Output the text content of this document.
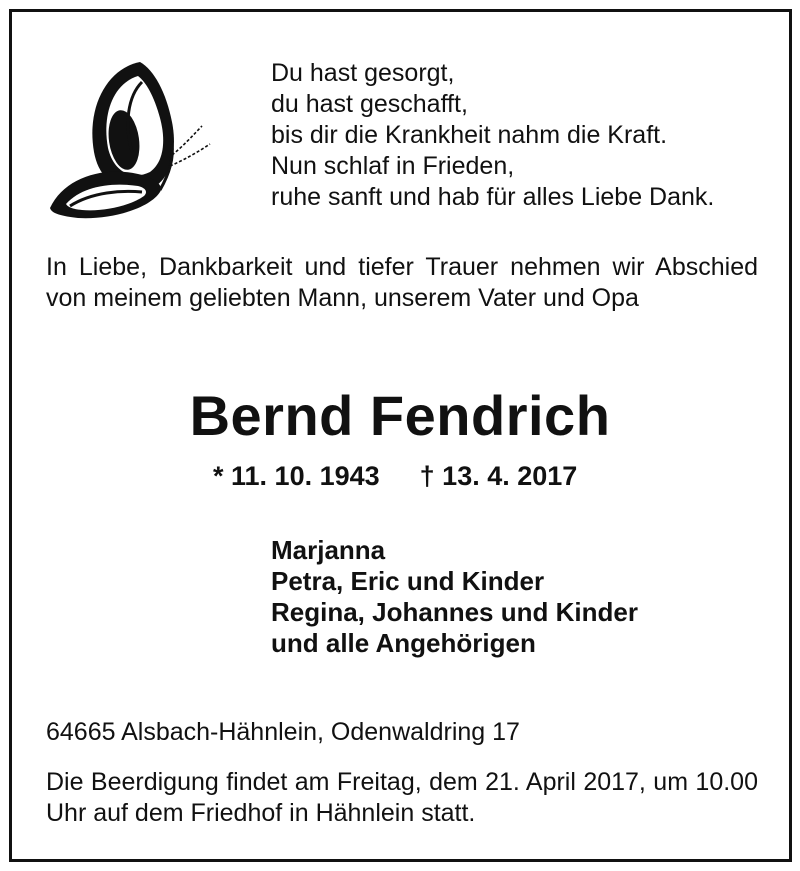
Du hast gesorgt,
du hast geschafft,
bis dir die Krankheit nahm die Kraft.
Nun schlaf in Frieden,
ruhe sanft und hab für alles Liebe Dank.

In Liebe, Dankbarkeit und tiefer Trauer nehmen wir Abschied von meinem geliebten Mann, unserem Vater und Opa

Bernd Fendrich
* 11. 10. 1943 † 13. 4. 2017
Marjanna
Petra, Eric und Kinder
Regina, Johannes und Kinder
und alle Angehörigen
64665 Alsbach-Hähnlein, Odenwaldring 17

Die Beerdigung findet am Freitag, dem 21. April 2017, um 10.00 Uhr auf dem Friedhof in Hähnlein statt.
